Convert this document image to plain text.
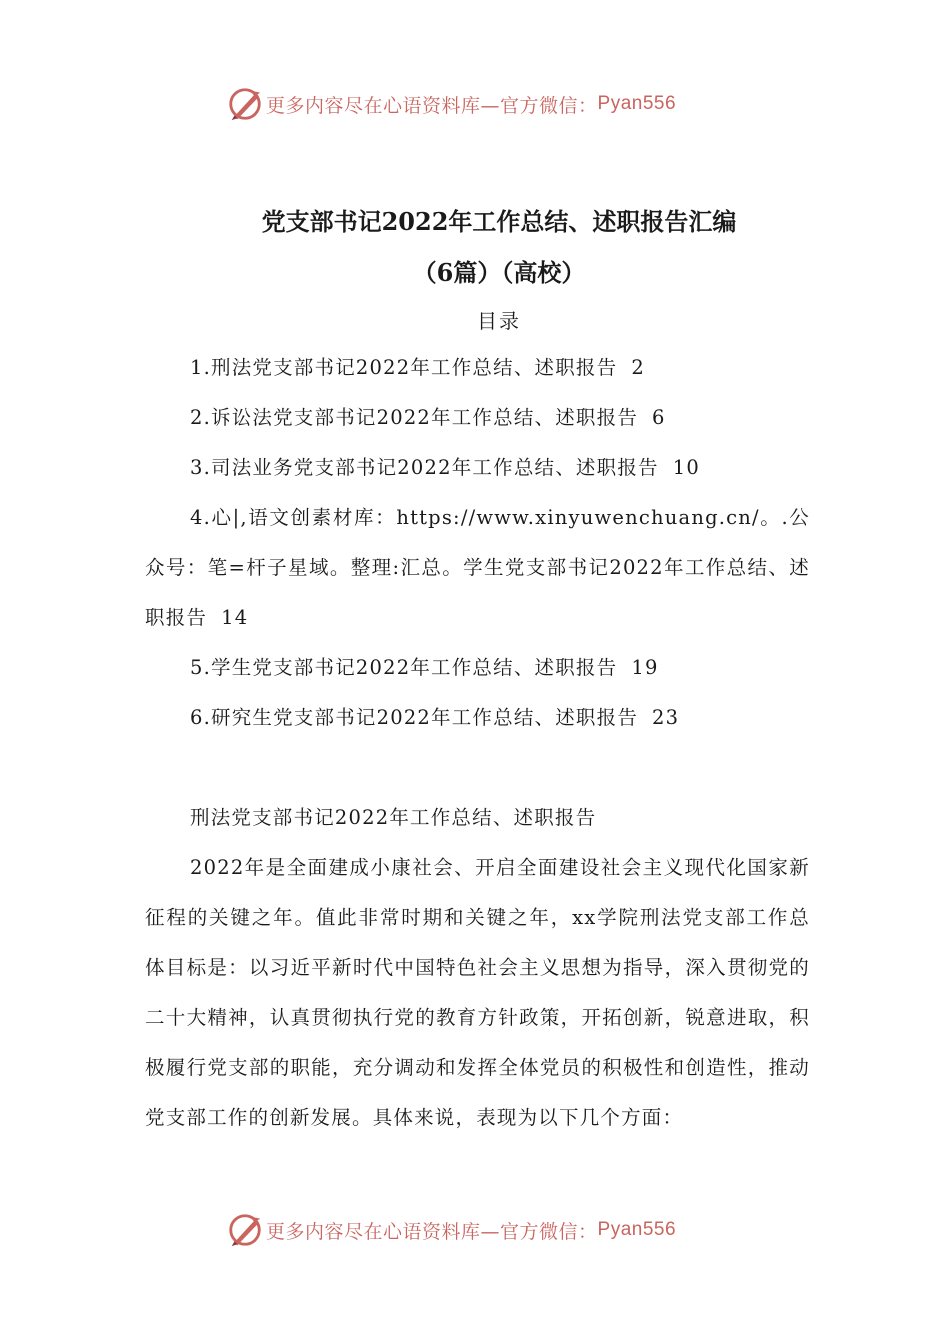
更多内容尽在心语资料库—官方微信： Pyan556
党支部书记2022年工作总结、述职报告汇编
（6篇）（高校）
目录

1.刑法党支部书记2022年工作总结、述职报告 2

2.诉讼法党支部书记2022年工作总结、述职报告 6

3.司法业务党支部书记2022年工作总结、述职报告 10

4.心|,语文创素材库：https://www.xinyuwenchuang.cn/。.公众号：笔=杆子星域。整理:汇总。学生党支部书记2022年工作总结、述职报告 14

5.学生党支部书记2022年工作总结、述职报告 19

6.研究生党支部书记2022年工作总结、述职报告 23

刑法党支部书记2022年工作总结、述职报告

2022年是全面建成小康社会、开启全面建设社会主义现代化国家新征程的关键之年。值此非常时期和关键之年，xx学院刑法党支部工作总体目标是：以习近平新时代中国特色社会主义思想为指导，深入贯彻党的二十大精神，认真贯彻执行党的教育方针政策，开拓创新，锐意进取，积极履行党支部的职能，充分调动和发挥全体党员的积极性和创造性，推动党支部工作的创新发展。具体来说，表现为以下几个方面：

更多内容尽在心语资料库—官方微信： Pyan556
